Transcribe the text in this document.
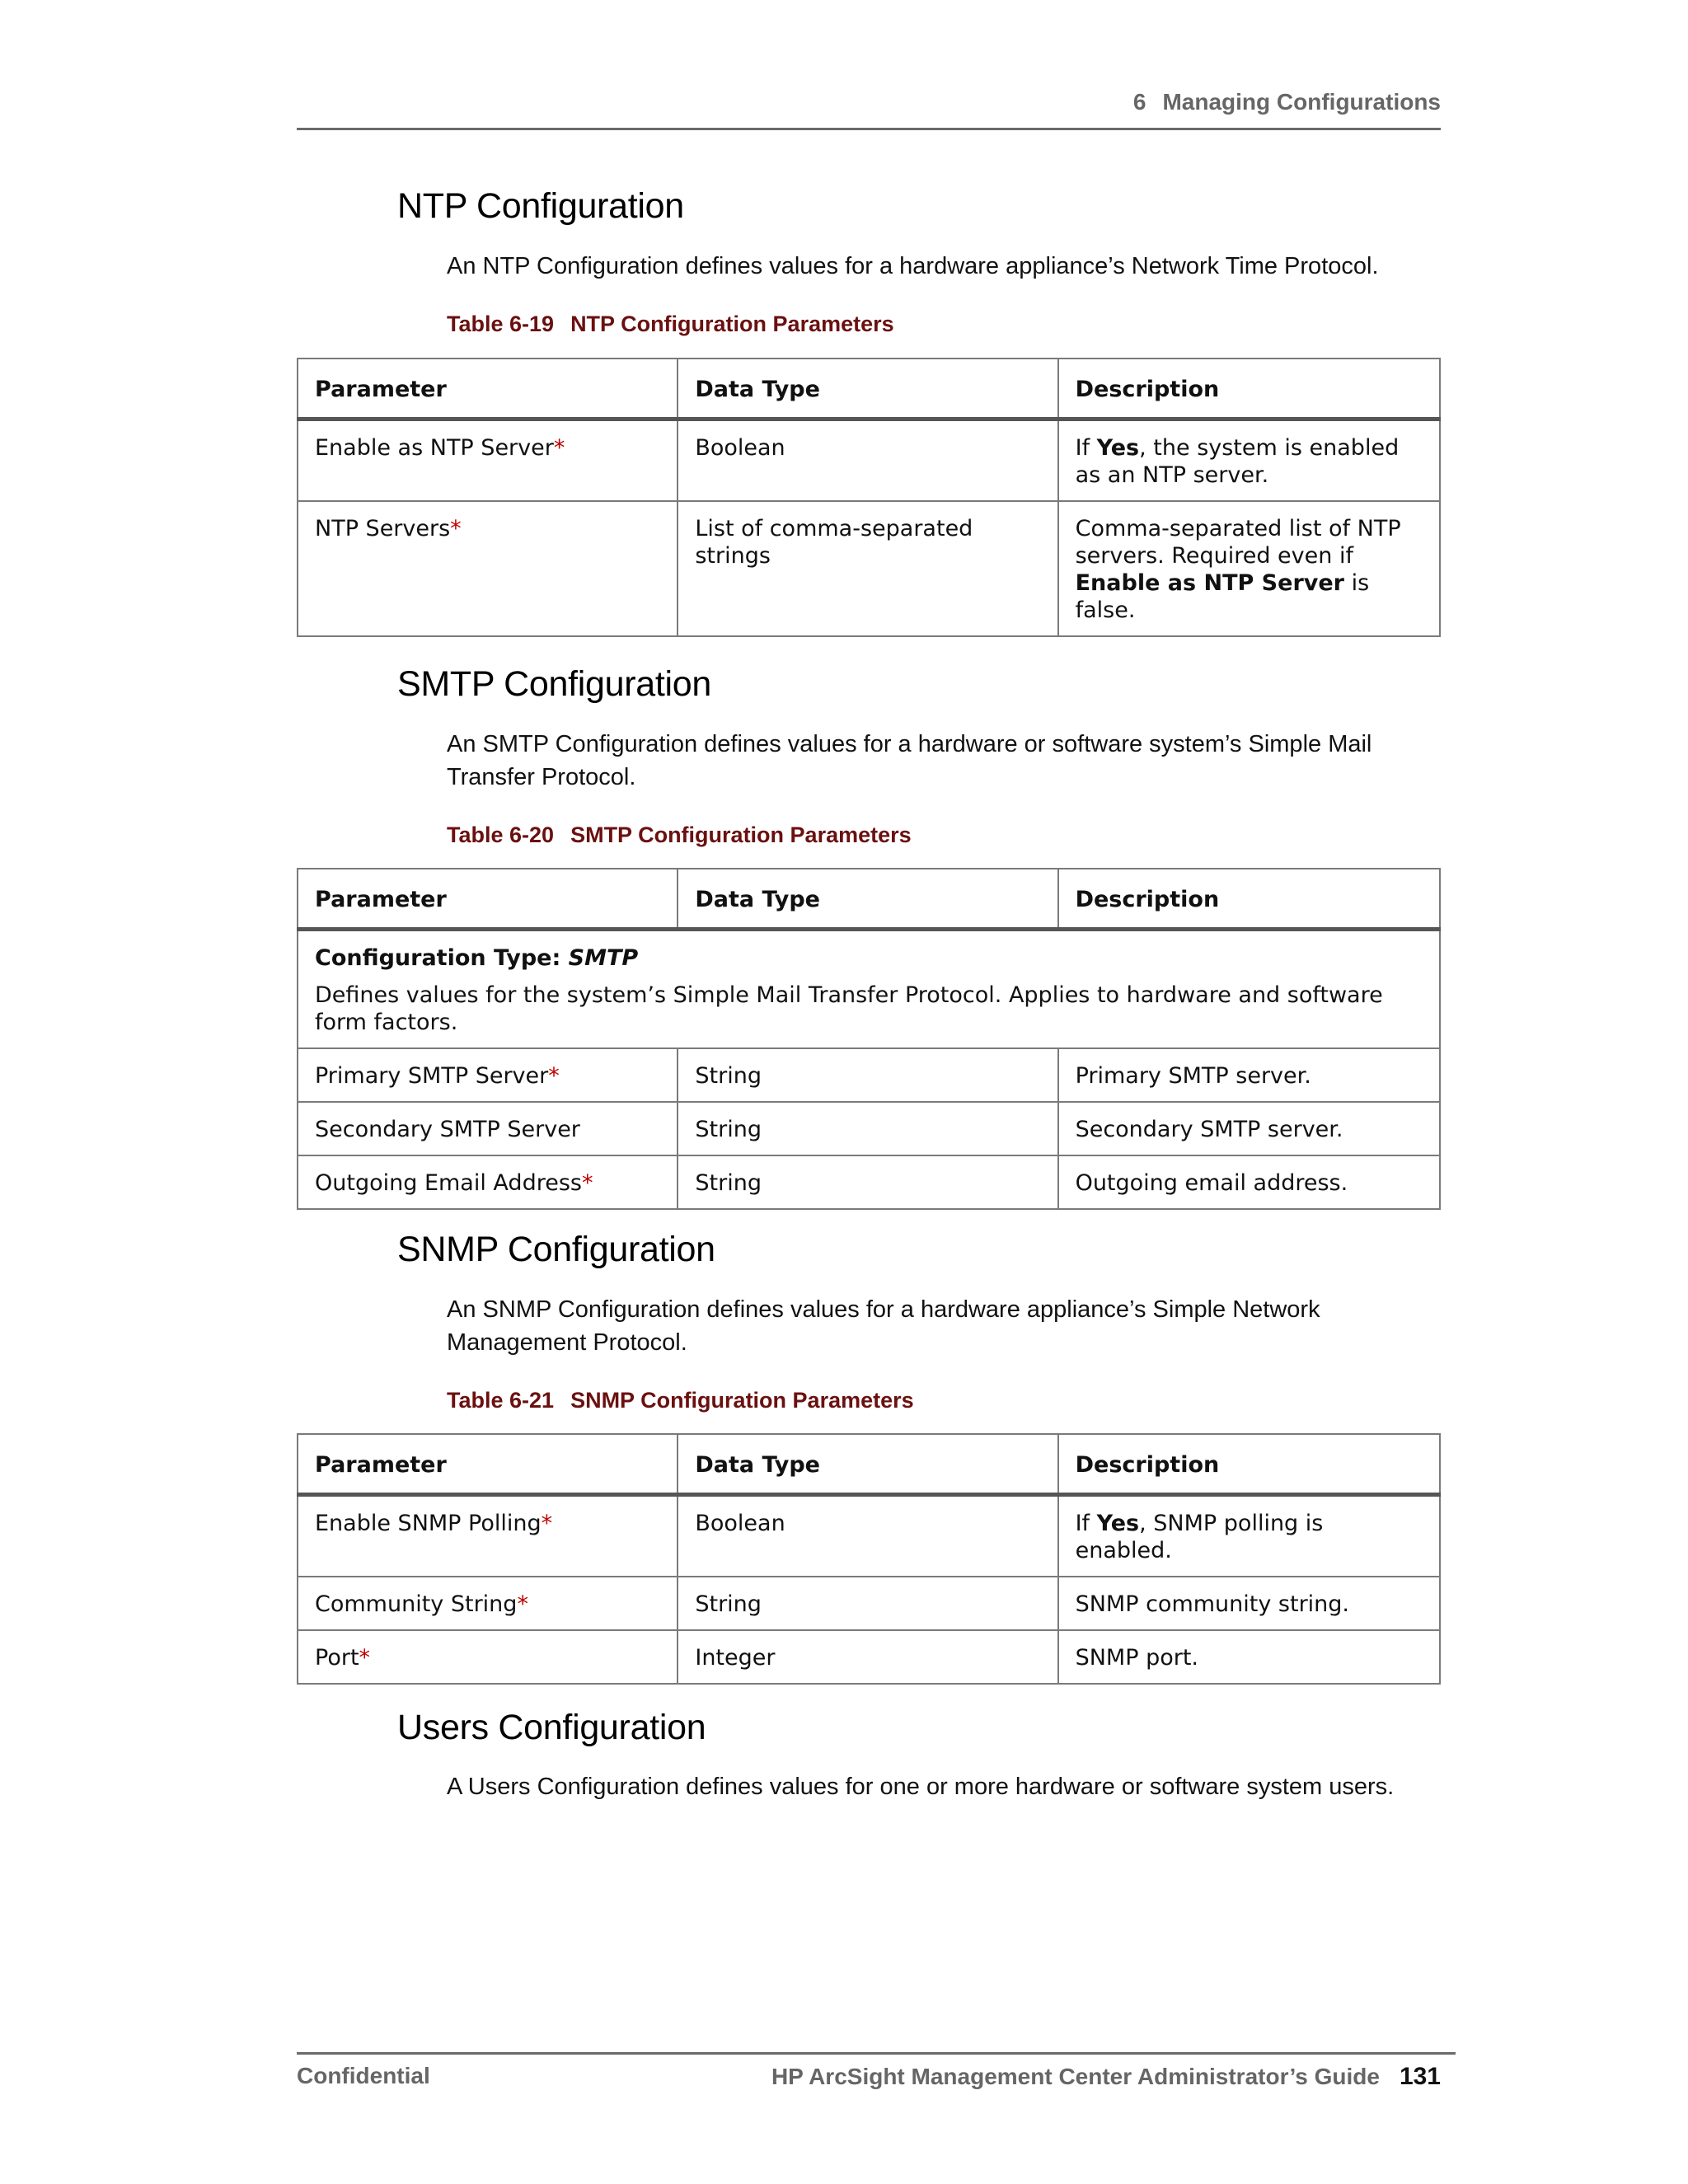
6 Managing Configurations
NTP Configuration

An NTP Configuration defines values for a hardware appliance’s Network Time Protocol.

Table 6-19 NTP Configuration Parameters

Parameter	Data Type	Description
Enable as NTP Server*	Boolean	If Yes, the system is enabled as an NTP server.
NTP Servers*	List of comma-separated strings	Comma-separated list of NTP servers. Required even if Enable as NTP Server is false.
SMTP Configuration

An SMTP Configuration defines values for a hardware or software system’s Simple Mail Transfer Protocol.

Table 6-20 SMTP Configuration Parameters

Parameter	Data Type	Description

Configuration Type: SMTP
Defines values for the system’s Simple Mail Transfer Protocol. Applies to hardware and software form factors.		
Primary SMTP Server*	String	Primary SMTP server.
Secondary SMTP Server	String	Secondary SMTP server.
Outgoing Email Address*	String	Outgoing email address.
SNMP Configuration

An SNMP Configuration defines values for a hardware appliance’s Simple Network Management Protocol.

Table 6-21 SNMP Configuration Parameters

Parameter	Data Type	Description
Enable SNMP Polling*	Boolean	If Yes, SNMP polling is enabled.
Community String*	String	SNMP community string.
Port*	Integer	SNMP port.
Users Configuration

A Users Configuration defines values for one or more hardware or software system users.

Confidential	HP ArcSight Management Center Administrator’s Guide 131
